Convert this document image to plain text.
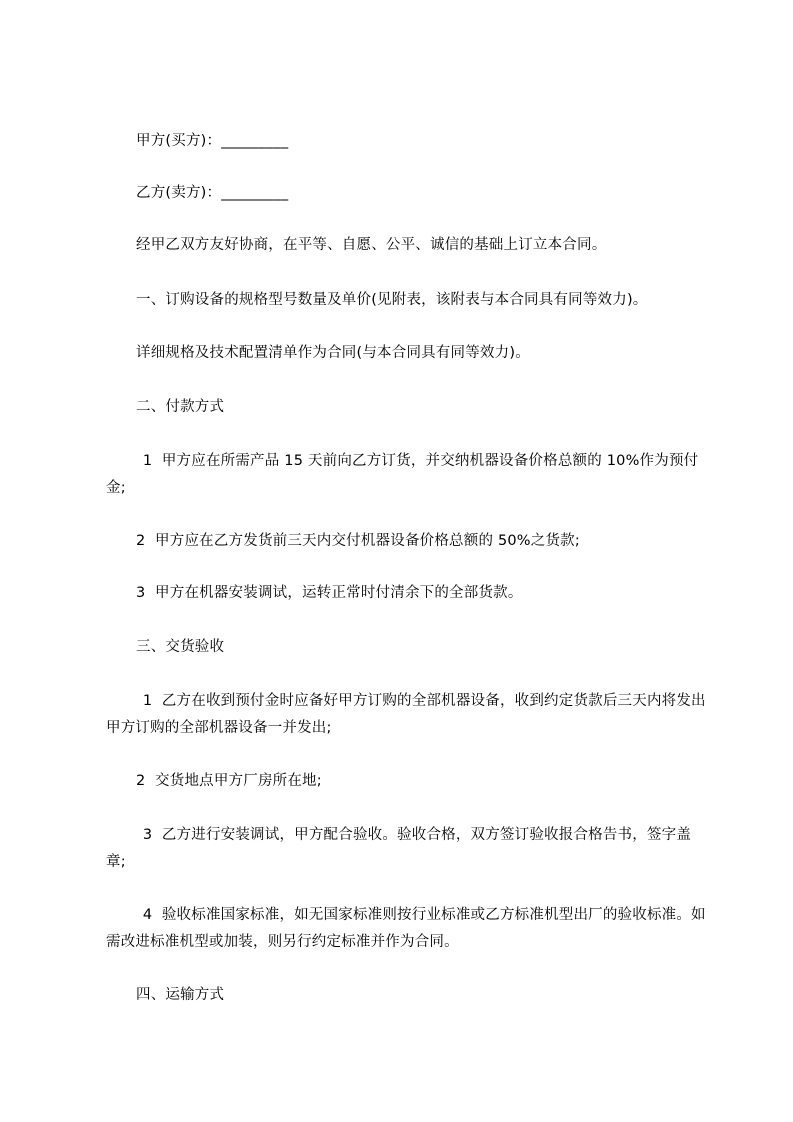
甲方(买方)：_________

乙方(卖方)：_________

经甲乙双方友好协商，在平等、自愿、公平、诚信的基础上订立本合同。

一、订购设备的规格型号数量及单价(见附表，该附表与本合同具有同等效力)。

详细规格及技术配置清单作为合同(与本合同具有同等效力)。

二、付款方式

1  甲方应在所需产品 15 天前向乙方订货，并交纳机器设备价格总额的 10%作为预付金;

2  甲方应在乙方发货前三天内交付机器设备价格总额的 50%之货款;

3  甲方在机器安装调试，运转正常时付清余下的全部货款。

三、交货验收

1  乙方在收到预付金时应备好甲方订购的全部机器设备，收到约定货款后三天内将发出甲方订购的全部机器设备一并发出;

2  交货地点甲方厂房所在地;

3  乙方进行安装调试，甲方配合验收。验收合格，双方签订验收报合格告书，签字盖章;

4  验收标准国家标准，如无国家标准则按行业标准或乙方标准机型出厂的验收标准。如需改进标准机型或加装，则另行约定标准并作为合同。

四、运输方式
